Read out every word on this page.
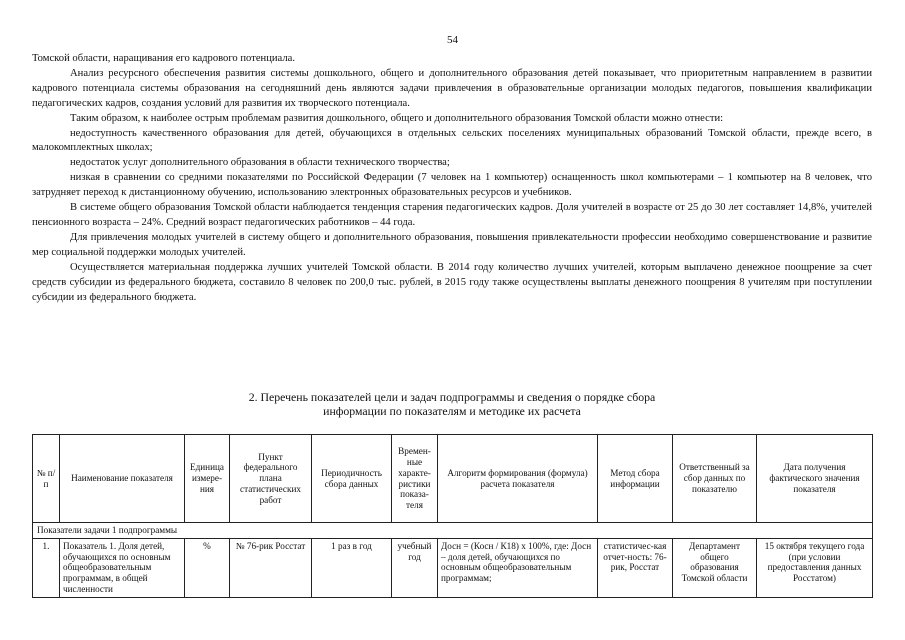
54

Томской области, наращивания его кадрового потенциала.

Анализ ресурсного обеспечения развития системы дошкольного, общего и дополнительного образования детей показывает, что приоритетным направлением в развитии кадрового потенциала системы образования на сегодняшний день являются задачи привлечения в образовательные организации молодых педагогов, повышения квалификации педагогических кадров, создания условий для развития их творческого потенциала.

Таким образом, к наиболее острым проблемам развития дошкольного, общего и дополнительного образования Томской области можно отнести:

недоступность качественного образования для детей, обучающихся в отдельных сельских поселениях муниципальных образований Томской области, прежде всего, в малокомплектных школах;

недостаток услуг дополнительного образования в области технического творчества;

низкая в сравнении со средними показателями по Российской Федерации (7 человек на 1 компьютер) оснащенность школ компьютерами – 1 компьютер на 8 человек, что затрудняет переход к дистанционному обучению, использованию электронных образовательных ресурсов и учебников.

В системе общего образования Томской области наблюдается тенденция старения педагогических кадров. Доля учителей в возрасте от 25 до 30 лет составляет 14,8%, учителей пенсионного возраста – 24%. Средний возраст педагогических работников – 44 года.

Для привлечения молодых учителей в систему общего и дополнительного образования, повышения привлекательности профессии необходимо совершенствование и развитие мер социальной поддержки молодых учителей.

Осуществляется материальная поддержка лучших учителей Томской области. В 2014 году количество лучших учителей, которым выплачено денежное поощрение за счет средств субсидии из федерального бюджета, составило 8 человек по 200,0 тыс. рублей, в 2015 году также осуществлены выплаты денежного поощрения 8 учителям при поступлении субсидии из федерального бюджета.

2. Перечень показателей цели и задач подпрограммы и сведения о порядке сбора
информации по показателям и методике их расчета
№ п/п	Наименование показателя	Единица измере-ния	Пункт федерального плана статистических работ	Периодичность сбора данных	Времен-ные характе-ристики показа-теля	Алгоритм формирования (формула) расчета показателя	Метод сбора информации	Ответственный за сбор данных по показателю	Дата получения фактического значения показателя
Показатели задачи 1 подпрограммы									
1.	Показатель 1. Доля детей, обучающихся по основным общеобразовательным программам, в общей численности	%	№ 76-рик Росстат	1 раз в год	учебный год	Досн = (Косн / К18) х 100%, где: Досн – доля детей, обучающихся по основным общеобразовательным программам;	статистичес-кая отчет-ность: 76-рик, Росстат	Департамент общего образования Томской области	15 октября текущего года (при условии предоставления данных Росстатом)
